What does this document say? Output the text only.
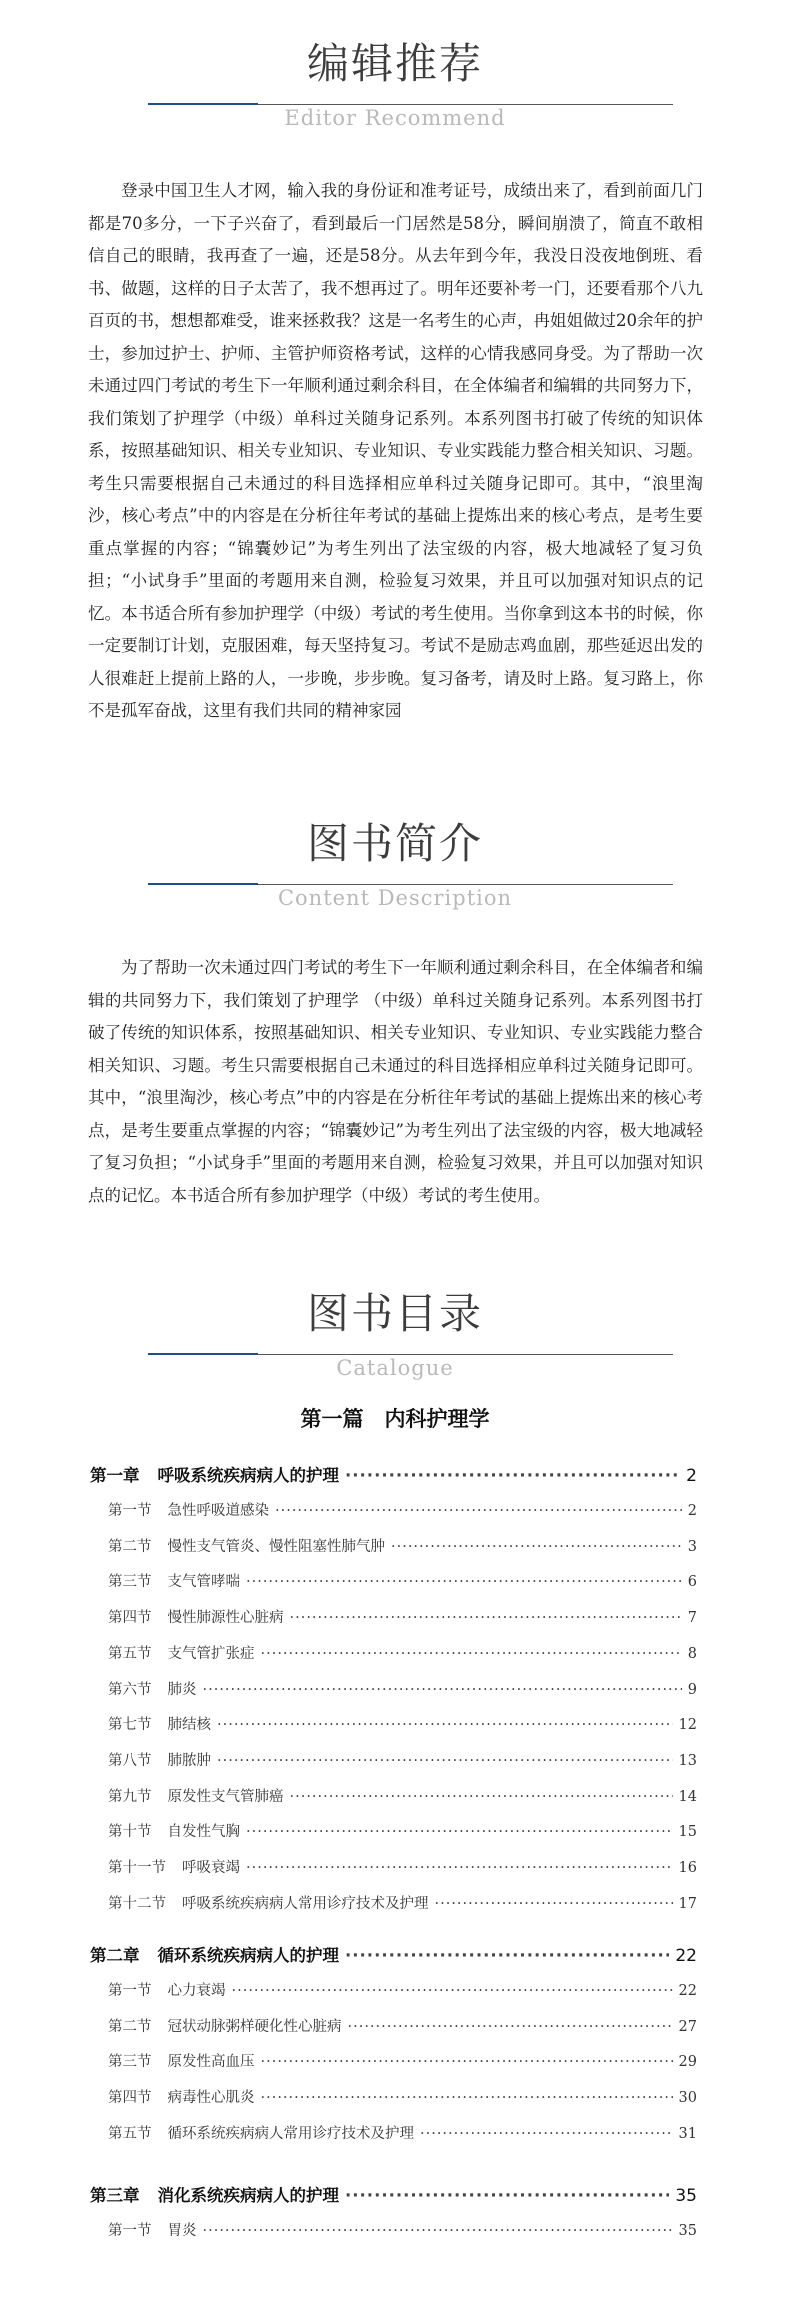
编辑推荐
Editor Recommend
登录中国卫生人才网，输入我的身份证和准考证号，成绩出来了，看到前面几门都是70多分，一下子兴奋了，看到最后一门居然是58分，瞬间崩溃了，简直不敢相信自己的眼睛，我再查了一遍，还是58分。从去年到今年，我没日没夜地倒班、看书、做题，这样的日子太苦了，我不想再过了。明年还要补考一门，还要看那个八九百页的书，想想都难受，谁来拯救我？这是一名考生的心声，冉姐姐做过20余年的护士，参加过护士、护师、主管护师资格考试，这样的心情我感同身受。为了帮助一次未通过四门考试的考生下一年顺利通过剩余科目，在全体编者和编辑的共同努力下，我们策划了护理学（中级）单科过关随身记系列。本系列图书打破了传统的知识体系，按照基础知识、相关专业知识、专业知识、专业实践能力整合相关知识、习题。考生只需要根据自己未通过的科目选择相应单科过关随身记即可。其中，“浪里淘沙，核心考点”中的内容是在分析往年考试的基础上提炼出来的核心考点，是考生要重点掌握的内容；“锦囊妙记”为考生列出了法宝级的内容，极大地减轻了复习负担；“小试身手”里面的考题用来自测，检验复习效果，并且可以加强对知识点的记忆。本书适合所有参加护理学（中级）考试的考生使用。当你拿到这本书的时候，你一定要制订计划，克服困难，每天坚持复习。考试不是励志鸡血剧，那些延迟出发的人很难赶上提前上路的人，一步晚，步步晚。复习备考，请及时上路。复习路上，你不是孤军奋战，这里有我们共同的精神家园
图书简介
Content Description
为了帮助一次未通过四门考试的考生下一年顺利通过剩余科目，在全体编者和编辑的共同努力下，我们策划了护理学 （中级）单科过关随身记系列。本系列图书打破了传统的知识体系，按照基础知识、相关专业知识、专业知识、专业实践能力整合相关知识、习题。考生只需要根据自己未通过的科目选择相应单科过关随身记即可。其中，“浪里淘沙，核心考点”中的内容是在分析往年考试的基础上提炼出来的核心考点，是考生要重点掌握的内容；“锦囊妙记”为考生列出了法宝级的内容，极大地减轻了复习负担；“小试身手”里面的考题用来自测，检验复习效果，并且可以加强对知识点的记忆。本书适合所有参加护理学（中级）考试的考生使用。
图书目录
Catalogue
第一篇　内科护理学
第一章 呼吸系统疾病病人的护理 ·····	2
第一节 急性呼吸道感染 ·····	2
第二节 慢性支气管炎、慢性阻塞性肺气肿 ·····	3
第三节 支气管哮喘 ·····	6
第四节 慢性肺源性心脏病 ·····	7
第五节 支气管扩张症 ·····	8
第六节 肺炎 ·····	9
第七节 肺结核 ·····	12
第八节 肺脓肿 ·····	13
第九节 原发性支气管肺癌 ·····	14
第十节 自发性气胸 ·····	15
第十一节 呼吸衰竭 ·····	16
第十二节 呼吸系统疾病病人常用诊疗技术及护理 ·····	17
第二章 循环系统疾病病人的护理 ·····	22
第一节 心力衰竭 ·····	22
第二节 冠状动脉粥样硬化性心脏病 ·····	27
第三节 原发性高血压 ·····	29
第四节 病毒性心肌炎 ·····	30
第五节 循环系统疾病病人常用诊疗技术及护理 ·····	31
第三章 消化系统疾病病人的护理 ·····	35
第一节 胃炎 ·····	35
